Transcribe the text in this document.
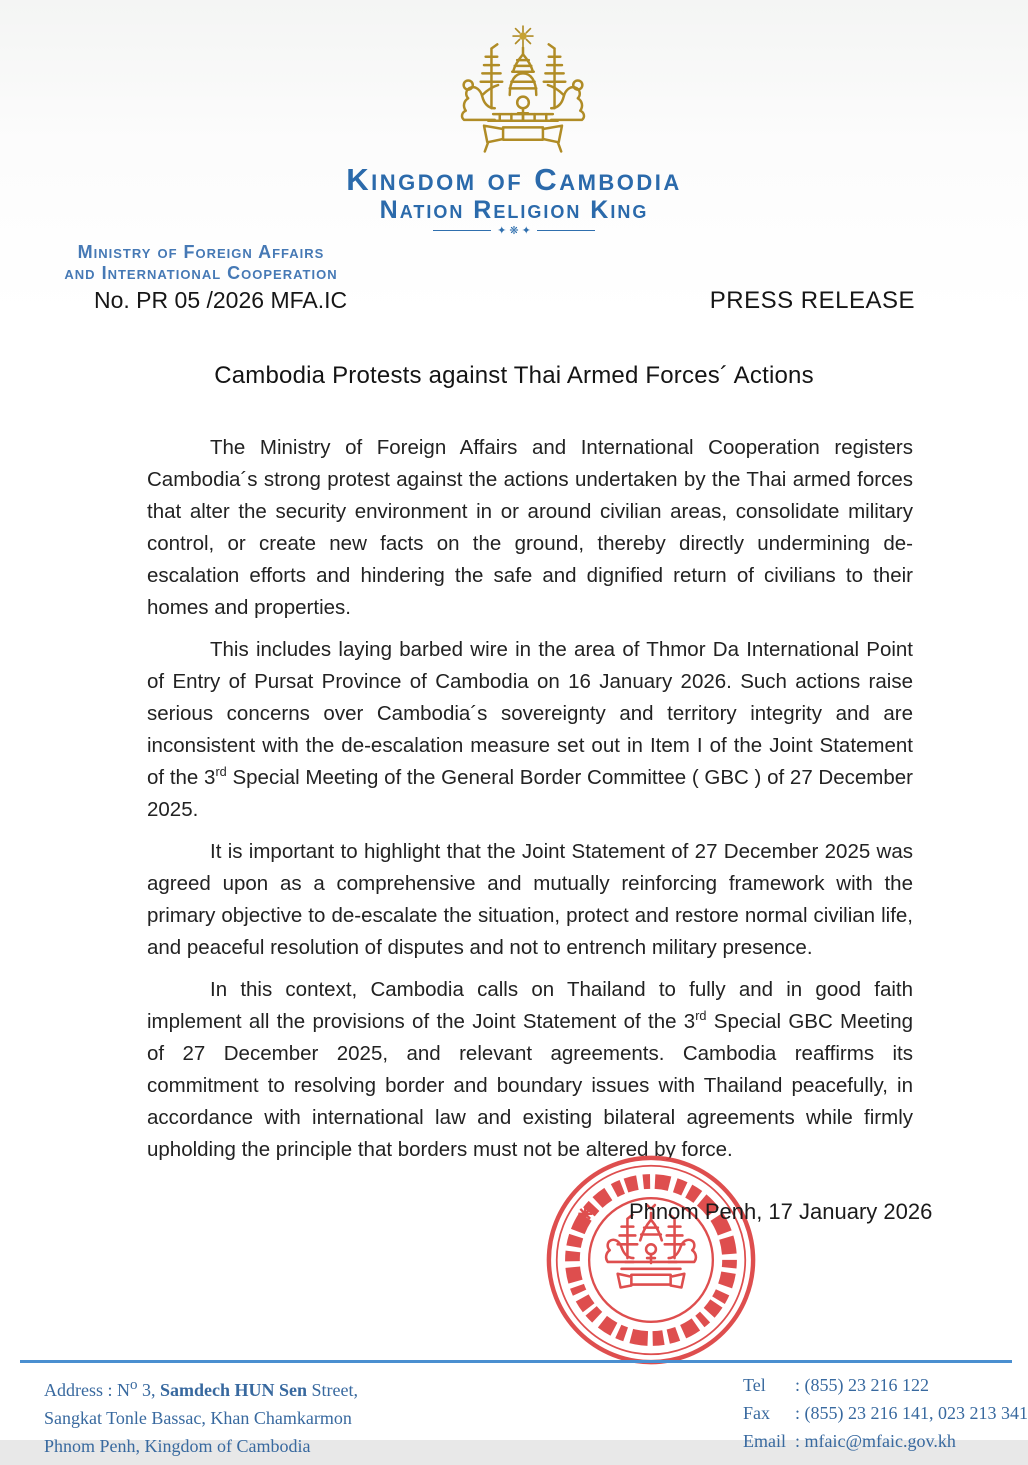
Kingdom of Cambodia
Nation Religion King
✦ ❋ ✦
Ministry of Foreign Affairs
and International Cooperation
No. PR 05 /2026 MFA.IC	PRESS RELEASE
Cambodia Protests against Thai Armed Forces´ Actions

The Ministry of Foreign Affairs and International Cooperation registers Cambodia´s strong protest against the actions undertaken by the Thai armed forces that alter the security environment in or around civilian areas, consolidate military control, or create new facts on the ground, thereby directly undermining de-escalation efforts and hindering the safe and dignified return of civilians to their homes and properties.

This includes laying barbed wire in the area of Thmor Da International Point of Entry of Pursat Province of Cambodia on 16 January 2026. Such actions raise serious concerns over Cambodia´s sovereignty and territory integrity and are inconsistent with the de-escalation measure set out in Item I of the Joint Statement of the 3rd Special Meeting of the General Border Committee ( GBC ) of 27 December 2025.

It is important to highlight that the Joint Statement of 27 December 2025 was agreed upon as a comprehensive and mutually reinforcing framework with the primary objective to de-escalate the situation, protect and restore normal civilian life, and peaceful resolution of disputes and not to entrench military presence.

In this context, Cambodia calls on Thailand to fully and in good faith implement all the provisions of the Joint Statement of the 3rd Special GBC Meeting of 27 December 2025, and relevant agreements. Cambodia reaffirms its commitment to resolving border and boundary issues with Thailand peacefully, in accordance with international law and existing bilateral agreements while firmly upholding the principle that borders must not be altered by force.

Phnom Penh, 17 January 2026
Address : $N^o$ 3, Samdech HUN Sen Street,
Sangkat Tonle Bassac, Khan Chamkarmon
Phnom Penh, Kingdom of Cambodia
Tel	: (855) 23 216 122
Fax	: (855) 23 216 141, 023 213 341
Email : mfaic@mfaic.gov.kh
